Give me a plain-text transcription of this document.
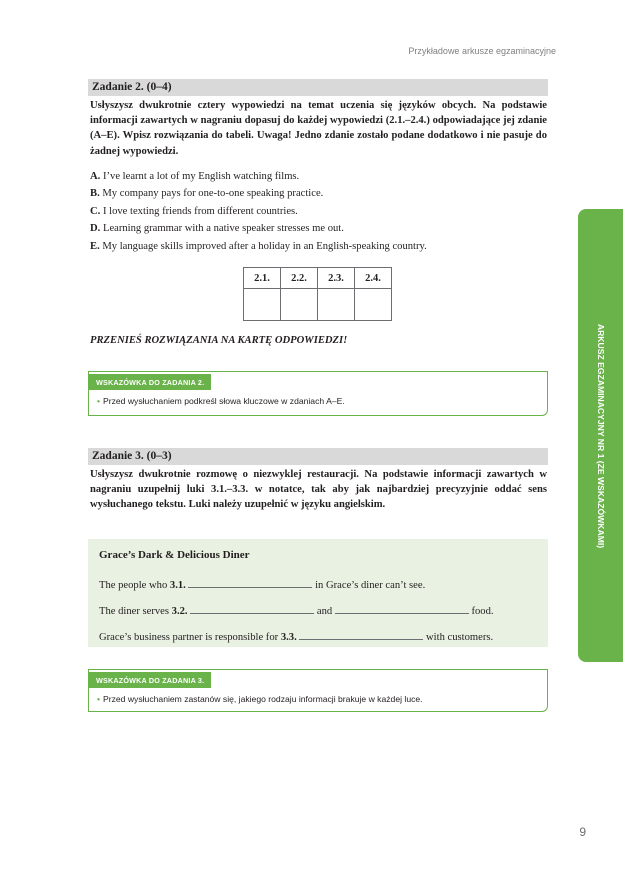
Przykładowe arkusze egzaminacyjne
Zadanie 2. (0–4)
Usłyszysz dwukrotnie cztery wypowiedzi na temat uczenia się języków obcych. Na podstawie informacji zawartych w nagraniu dopasuj do każdej wypowiedzi (2.1.–2.4.) odpowiadające jej zdanie (A–E). Wpisz rozwiązania do tabeli. Uwaga! Jedno zdanie zostało podane dodatkowo i nie pasuje do żadnej wypowiedzi.
A. I’ve learnt a lot of my English watching films.
B. My company pays for one-to-one speaking practice.
C. I love texting friends from different countries.
D. Learning grammar with a native speaker stresses me out.
E. My language skills improved after a holiday in an English-speaking country.
2.1.	2.2.	2.3.	2.4.

PRZENIEŚ ROZWIĄZANIA NA KARTĘ ODPOWIEDZI!
WSKAZÓWKA DO ZADANIA 2.
• Przed wysłuchaniem podkreśl słowa kluczowe w zdaniach A–E.
Zadanie 3. (0–3)
Usłyszysz dwukrotnie rozmowę o niezwyklej restauracji. Na podstawie informacji zawartych w nagraniu uzupełnij luki 3.1.–3.3. w notatce, tak aby jak najbardziej precyzyjnie oddać sens wysłuchanego tekstu. Luki należy uzupełnić w języku angielskim.
Grace’s Dark & Delicious Diner
The people who 3.1.	in Grace’s diner can’t see.
The diner serves 3.2.	and	food.
Grace’s business partner is responsible for 3.3.	with customers.
WSKAZÓWKA DO ZADANIA 3.
• Przed wysłuchaniem zastanów się, jakiego rodzaju informacji brakuje w każdej luce.
ARKUSZ EGZAMINACYJNY NR 1 (ZE WSKAZÓWKAMI)
9
